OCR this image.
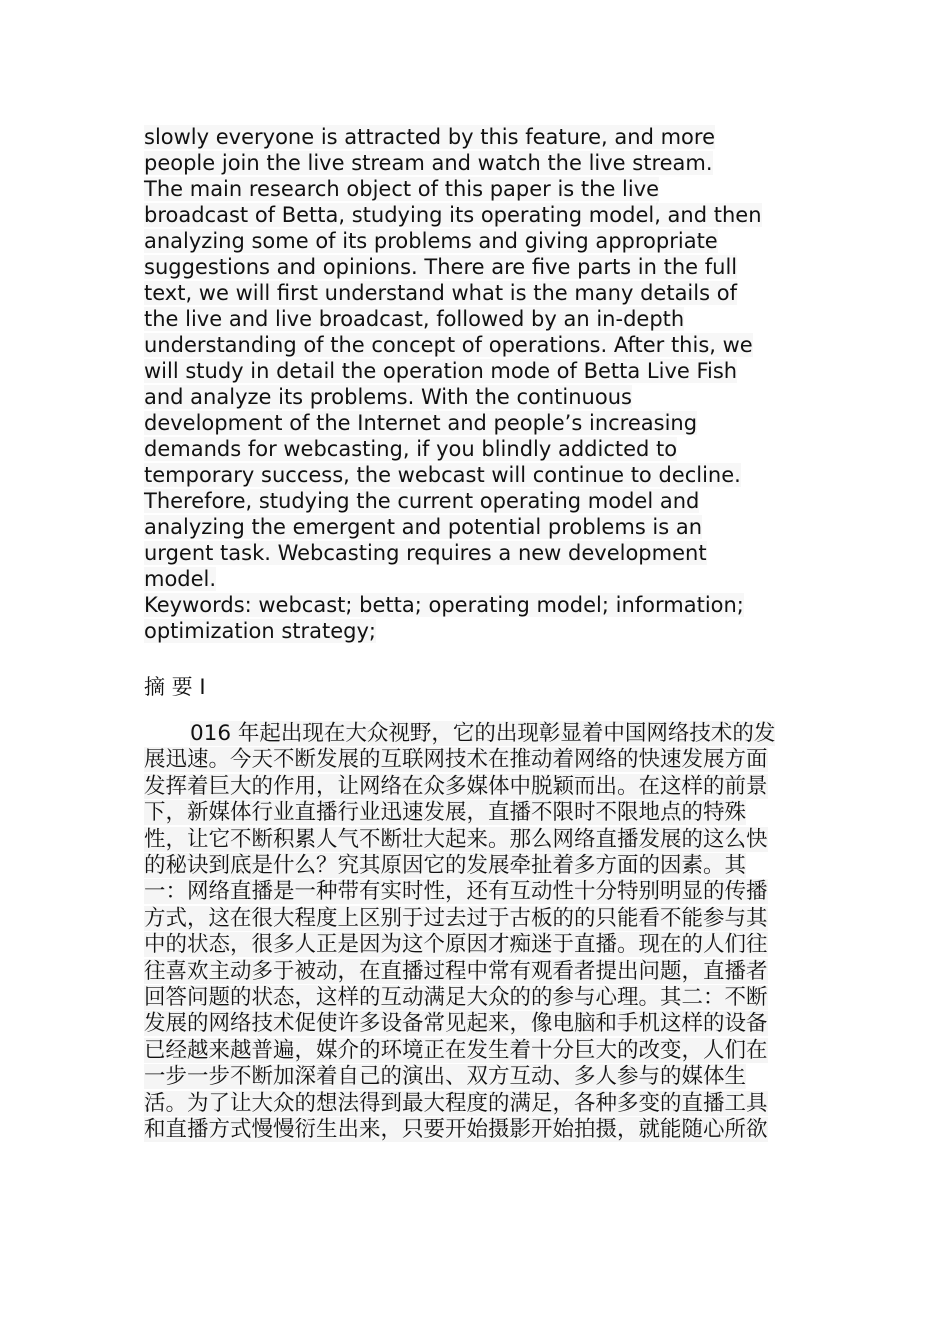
slowly everyone is attracted by this feature, and more
people join the live stream and watch the live stream.
The main research object of this paper is the live
broadcast of Betta, studying its operating model, and then
analyzing some of its problems and giving appropriate
suggestions and opinions. There are five parts in the full
text, we will first understand what is the many details of
the live and live broadcast, followed by an in-depth
understanding of the concept of operations. After this, we
will study in detail the operation mode of Betta Live Fish
and analyze its problems. With the continuous
development of the Internet and people’s increasing
demands for webcasting, if you blindly addicted to
temporary success, the webcast will continue to decline.
Therefore, studying the current operating model and
analyzing the emergent and potential problems is an
urgent task. Webcasting requires a new development
model.
Keywords: webcast; betta; operating model; information;
optimization strategy;
摘 要 I
016 年起出现在大众视野，它的出现彰显着中国网络技术的发
展迅速。今天不断发展的互联网技术在推动着网络的快速发展方面
发挥着巨大的作用，让网络在众多媒体中脱颖而出。在这样的前景
下，新媒体行业直播行业迅速发展，直播不限时不限地点的特殊
性，让它不断积累人气不断壮大起来。那么网络直播发展的这么快
的秘诀到底是什么？究其原因它的发展牵扯着多方面的因素。其
一：网络直播是一种带有实时性，还有互动性十分特别明显的传播
方式，这在很大程度上区别于过去过于古板的的只能看不能参与其
中的状态，很多人正是因为这个原因才痴迷于直播。现在的人们往
往喜欢主动多于被动，在直播过程中常有观看者提出问题，直播者
回答问题的状态，这样的互动满足大众的的参与心理。其二：不断
发展的网络技术促使许多设备常见起来，像电脑和手机这样的设备
已经越来越普遍，媒介的环境正在发生着十分巨大的改变，人们在
一步一步不断加深着自己的演出、双方互动、多人参与的媒体生
活。为了让大众的想法得到最大程度的满足，各种多变的直播工具
和直播方式慢慢衍生出来，只要开始摄影开始拍摄，就能随心所欲
